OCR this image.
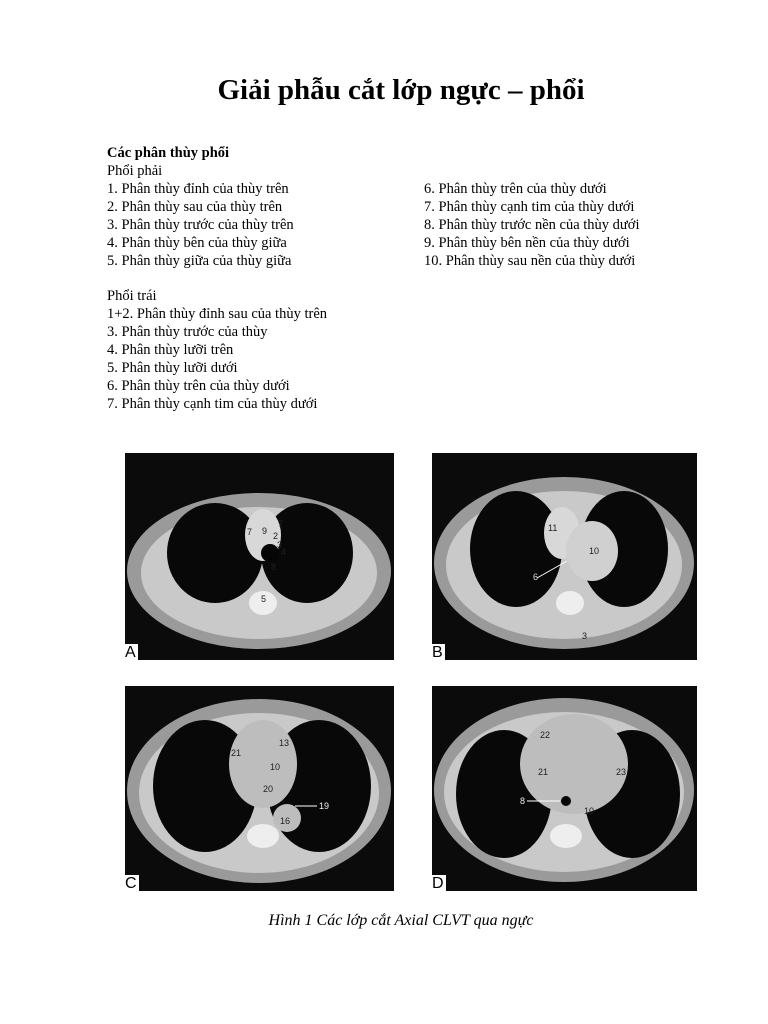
Giải phẫu cắt lớp ngực – phổi
Các phân thùy phổi
Phổi phải
1. Phân thùy đỉnh của thùy trên
2. Phân thùy sau của thùy trên
3. Phân thùy trước của thùy trên
4. Phân thùy bên của thùy giữa
5. Phân thùy giữa của thùy giữa
6. Phân thùy trên của thùy dưới
7. Phân thùy cạnh tim của thùy dưới
8. Phân thùy trước nền của thùy dưới
9. Phân thùy bên nền của thùy dưới
10. Phân thùy sau nền của thùy dưới
Phổi trái
1+2. Phân thùy đỉnh sau của thùy trên
3. Phân thùy trước của thùy
4. Phân thùy lưỡi trên
5. Phân thùy lưỡi dưới
6. Phân thùy trên của thùy dưới
7. Phân thùy cạnh tim của thùy dưới
7 9 2
7
3
4
8
5
A
11
10
6
3
B
21
13
10
20
16
19
C
22
21	23
8
10
D
Hình 1 Các lớp cắt Axial CLVT qua ngực
